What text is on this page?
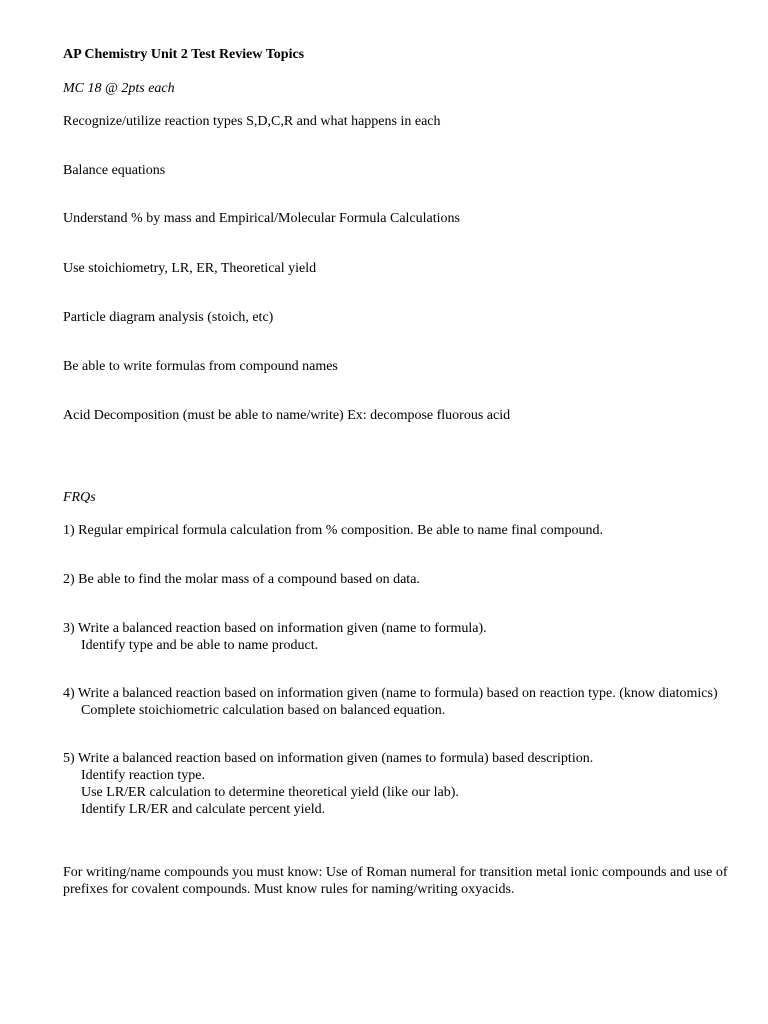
AP Chemistry Unit 2 Test Review Topics
MC 18 @ 2pts each
Recognize/utilize reaction types S,D,C,R and what happens in each
Balance equations
Understand % by mass and Empirical/Molecular Formula Calculations
Use stoichiometry, LR, ER, Theoretical yield
Particle diagram analysis (stoich, etc)
Be able to write formulas from compound names
Acid Decomposition (must be able to name/write) Ex: decompose fluorous acid
FRQs
1) Regular empirical formula calculation from % composition. Be able to name final compound.
2) Be able to find the molar mass of a compound based on data.
3) Write a balanced reaction based on information given (name to formula).
Identify type and be able to name product.
4) Write a balanced reaction based on information given (name to formula) based on reaction type. (know diatomics)
Complete stoichiometric calculation based on balanced equation.
5) Write a balanced reaction based on information given (names to formula) based description.
Identify reaction type.
Use LR/ER calculation to determine theoretical yield (like our lab).
Identify LR/ER and calculate percent yield.
For writing/name compounds you must know: Use of Roman numeral for transition metal ionic compounds and use of prefixes for covalent compounds. Must know rules for naming/writing oxyacids.
